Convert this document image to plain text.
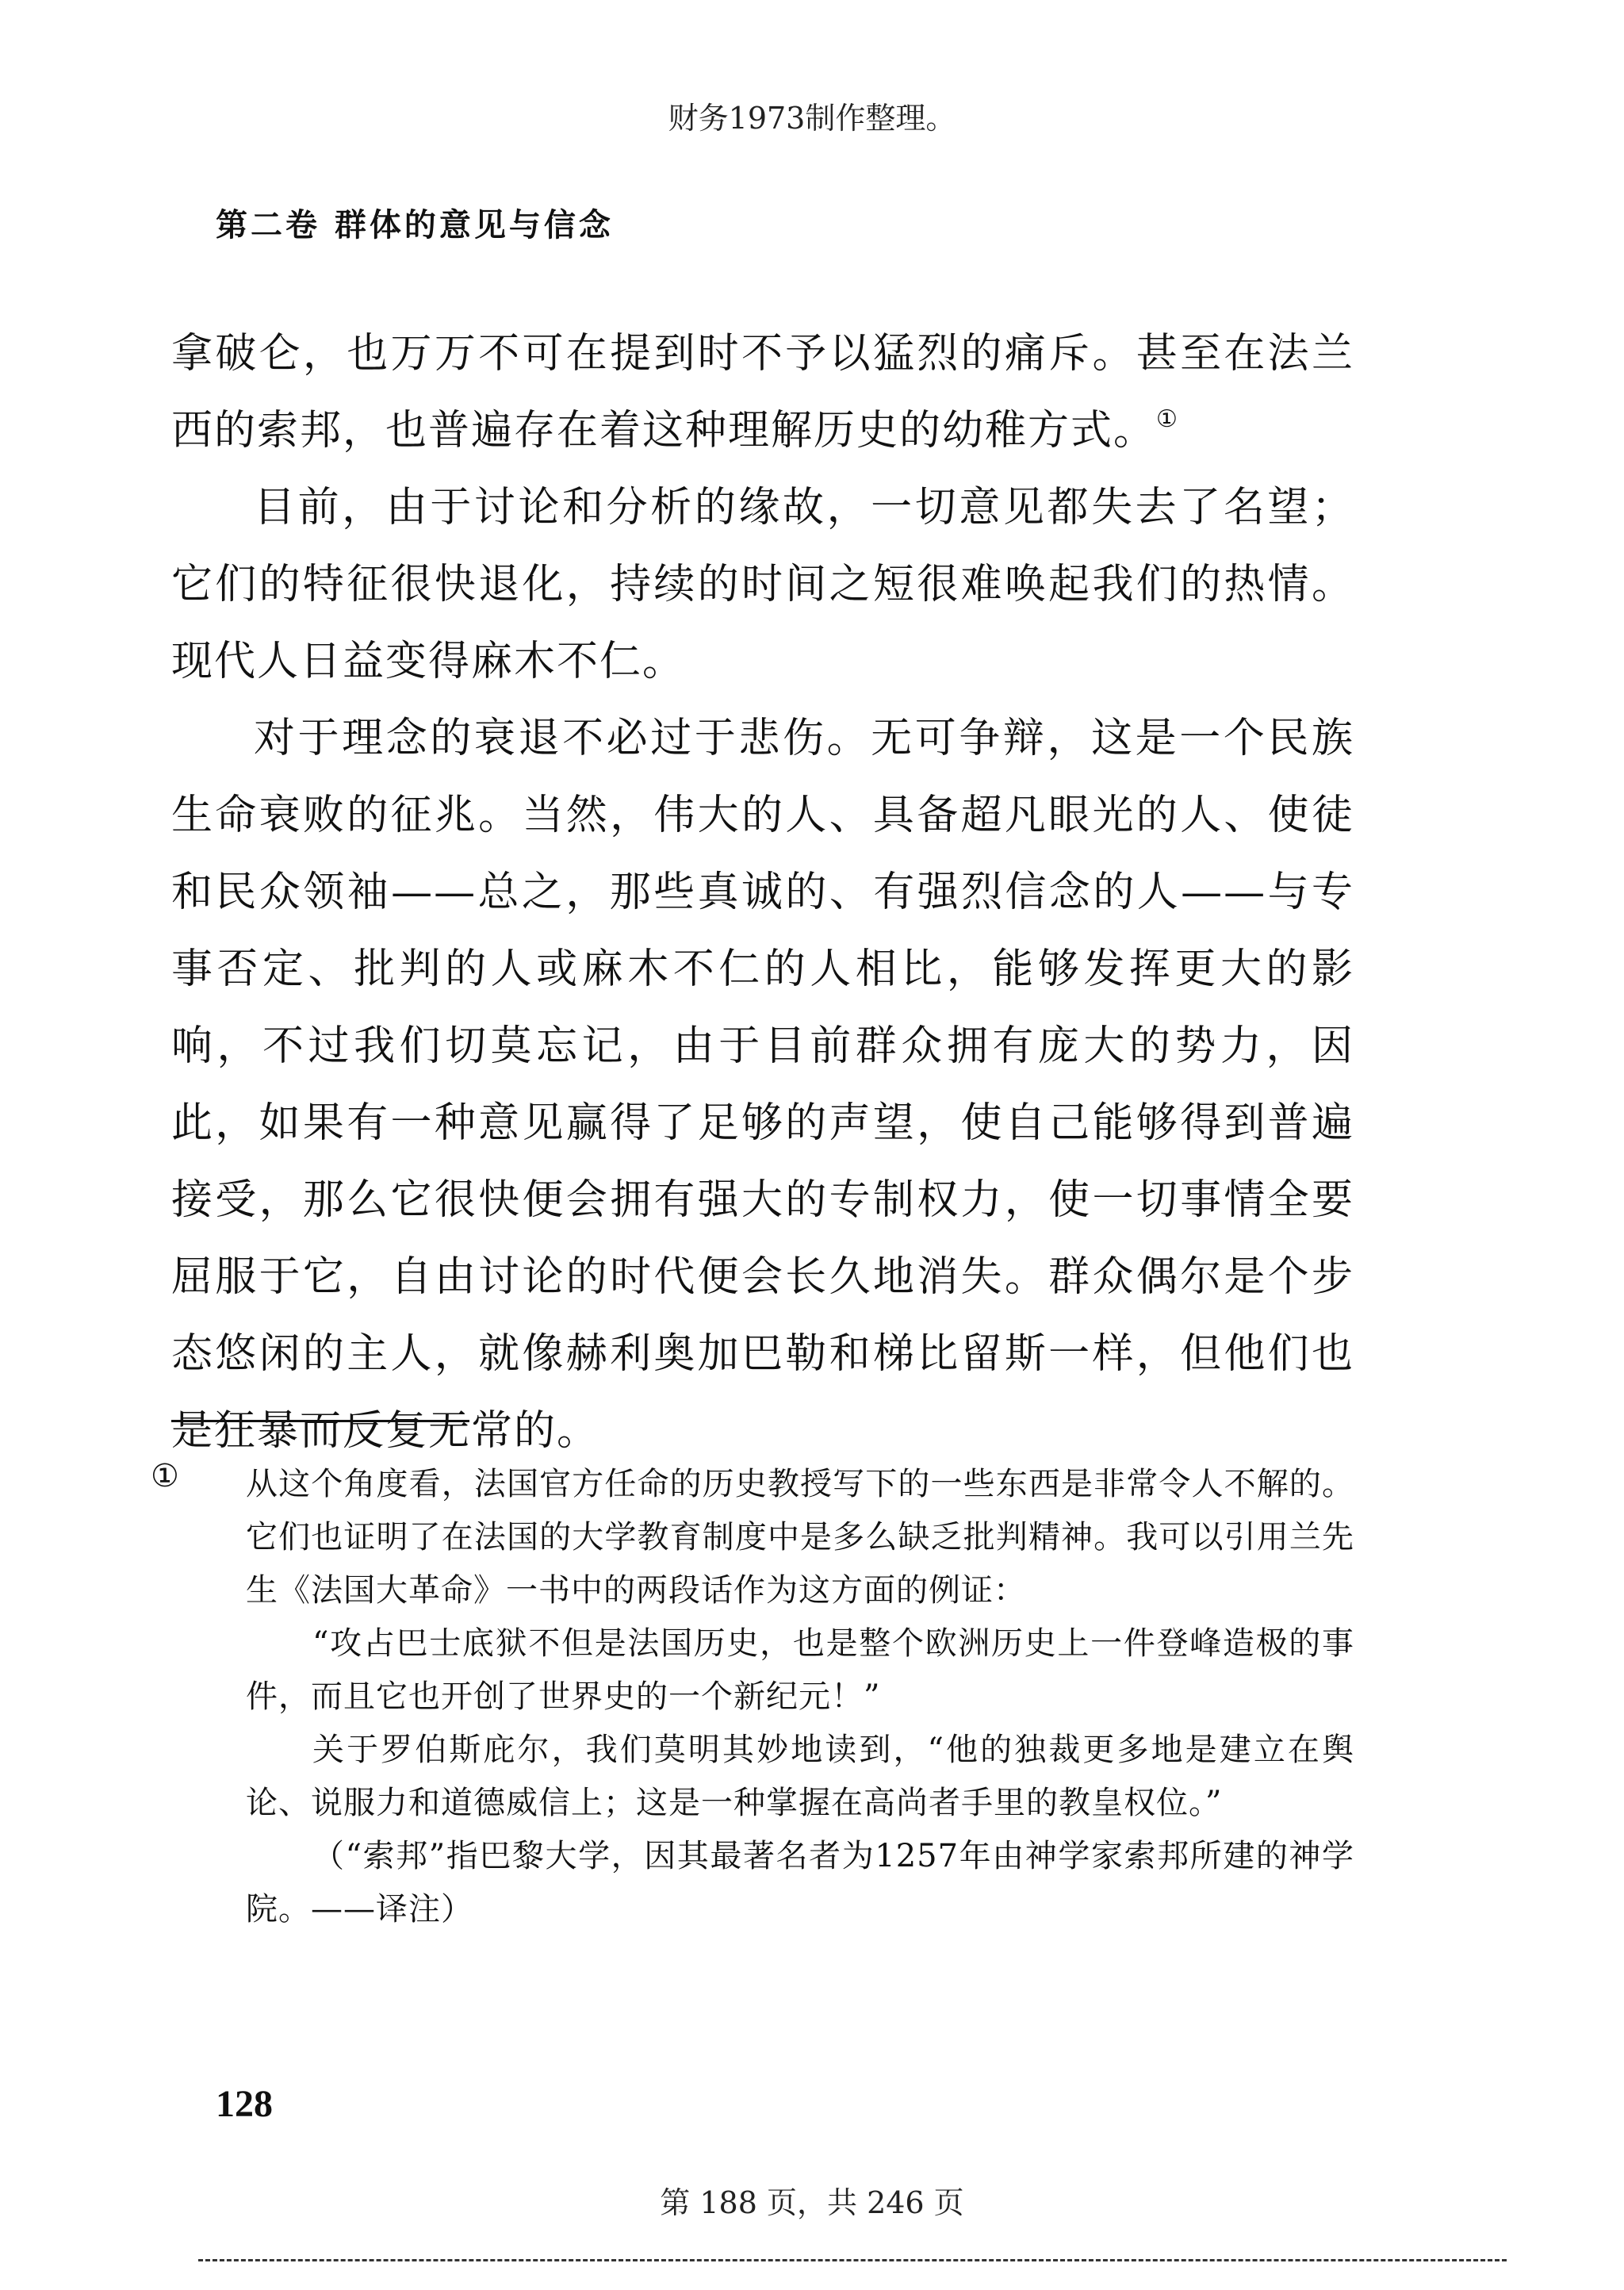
财务1973制作整理。
第二卷 群体的意见与信念

拿破仑，也万万不可在提到时不予以猛烈的痛斥。甚至在法兰西的索邦，也普遍存在着这种理解历史的幼稚方式。①

目前，由于讨论和分析的缘故，一切意见都失去了名望；它们的特征很快退化，持续的时间之短很难唤起我们的热情。现代人日益变得麻木不仁。

对于理念的衰退不必过于悲伤。无可争辩，这是一个民族生命衰败的征兆。当然，伟大的人、具备超凡眼光的人、使徒和民众领袖——总之，那些真诚的、有强烈信念的人——与专事否定、批判的人或麻木不仁的人相比，能够发挥更大的影响，不过我们切莫忘记，由于目前群众拥有庞大的势力，因此，如果有一种意见赢得了足够的声望，使自己能够得到普遍接受，那么它很快便会拥有强大的专制权力，使一切事情全要屈服于它，自由讨论的时代便会长久地消失。群众偶尔是个步态悠闲的主人，就像赫利奥加巴勒和梯比留斯一样，但他们也是狂暴而反复无常的。

① 从这个角度看，法国官方任命的历史教授写下的一些东西是非常令人不解的。它们也证明了在法国的大学教育制度中是多么缺乏批判精神。我可以引用兰先生《法国大革命》一书中的两段话作为这方面的例证：

“攻占巴士底狱不但是法国历史，也是整个欧洲历史上一件登峰造极的事件，而且它也开创了世界史的一个新纪元！”

关于罗伯斯庇尔，我们莫明其妙地读到，“他的独裁更多地是建立在舆论、说服力和道德威信上；这是一种掌握在高尚者手里的教皇权位。”

（“索邦”指巴黎大学，因其最著名者为1257年由神学家索邦所建的神学院。——译注）

128
第 188 页，共 246 页
